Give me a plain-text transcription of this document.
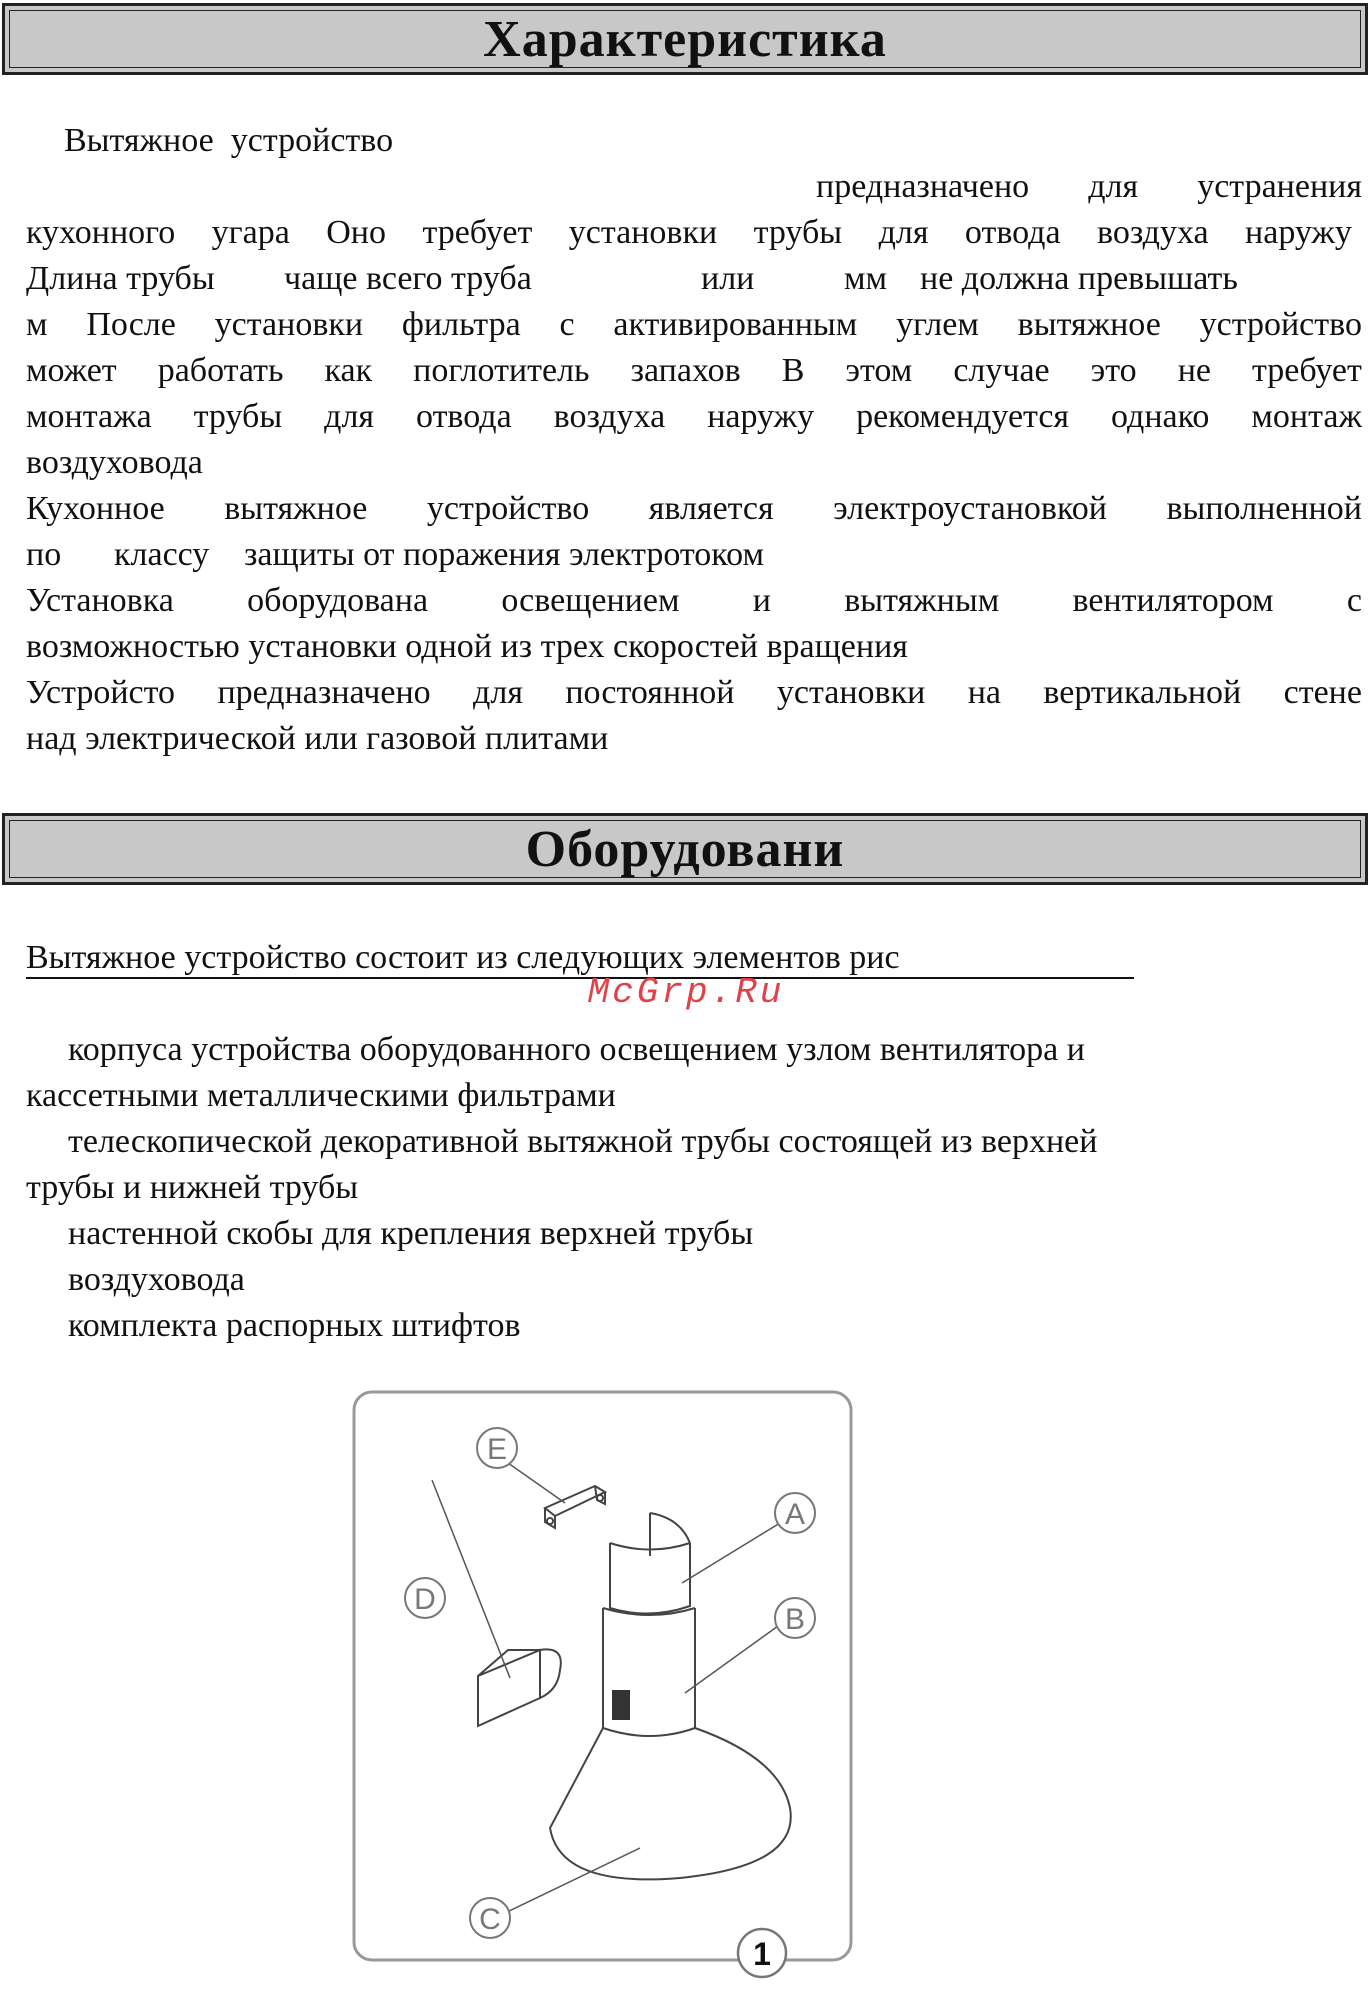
Характеристика
Вытяжное устройство
предназначено для устранения
кухонного угара Оно требует установки трубы для отвода воздуха наружу
Длина трубы чаще всего труба	или	мм не должна превышать
м После установки фильтра с активированным углем вытяжное устройство
может работать как поглотитель запахов В этом случае это не требует
монтажа трубы для отвода воздуха наружу рекомендуется однако монтаж
воздуховода
Кухонное вытяжное устройство является электроустановкой выполненной
по классу защиты от поражения электротоком
Установка оборудована освещением и вытяжным вентилятором с
возможностью установки одной из трех скоростей вращения
Устройсто предназначено для постоянной установки на вертикальной стене
над электрической или газовой плитами
Оборудовани
Вытяжное устройство состоит из следующих элементов рис
McGrp.Ru
корпуса устройства оборудованного освещением узлом вентилятора и
кассетными металлическими фильтрами
телескопической декоративной вытяжной трубы состоящей из верхней
трубы и нижней трубы
настенной скобы для крепления верхней трубы
воздуховода
комплекта распорных штифтов
E
D
A
B
C
1
